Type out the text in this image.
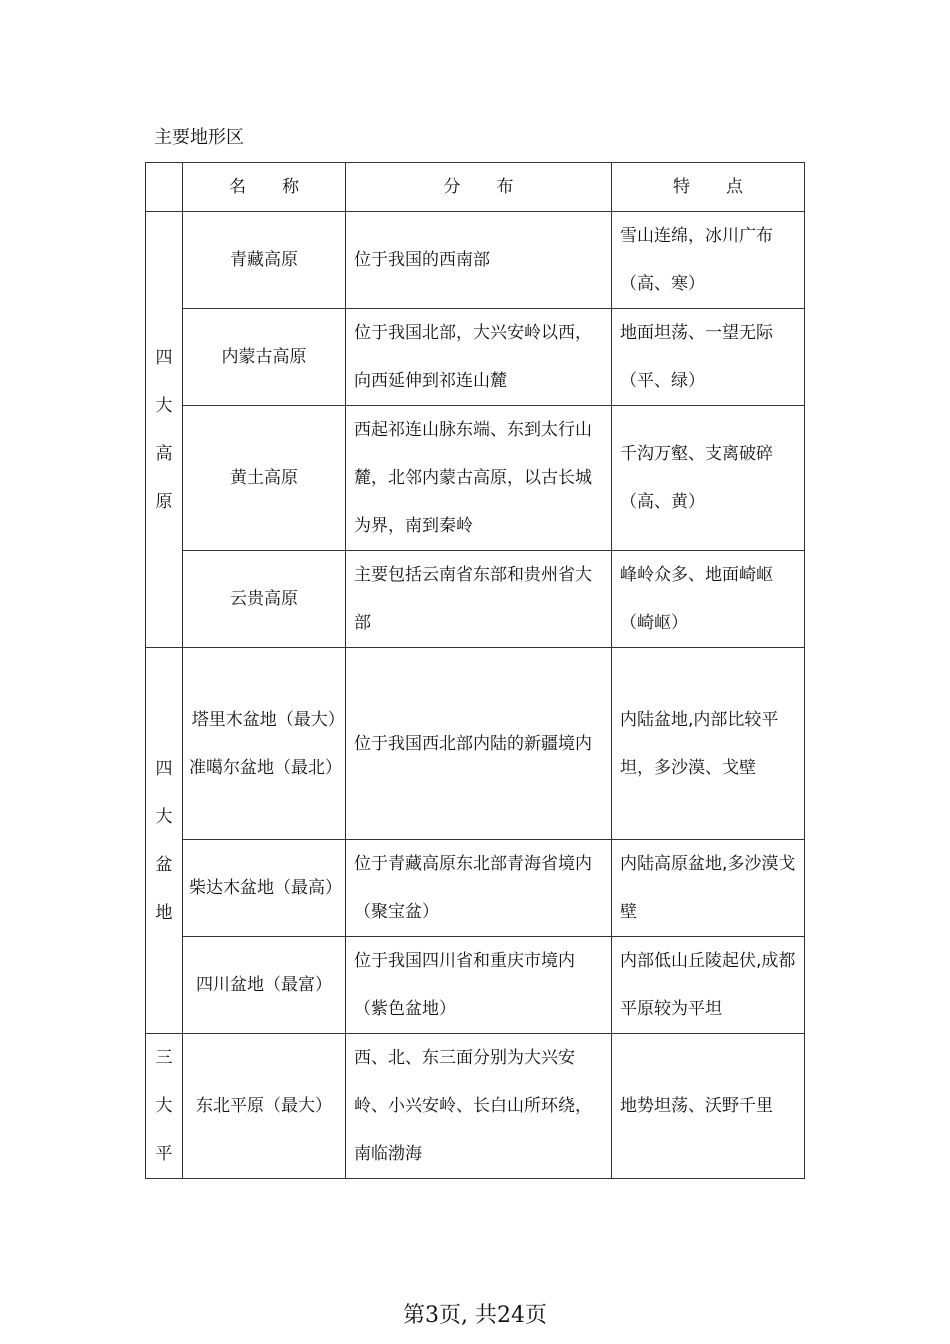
主要地形区
	名 称	分 布	特 点

四
大
高
原	青藏高原	位于我国的西南部	雪山连绵，冰川广布（高、寒）
	内蒙古高原	位于我国北部，大兴安岭以西，向西延伸到祁连山麓	地面坦荡、一望无际（平、绿）
	黄土高原	西起祁连山脉东端、东到太行山麓，北邻内蒙古高原，以古长城为界，南到秦岭	千沟万壑、支离破碎（高、黄）
	云贵高原	主要包括云南省东部和贵州省大部	峰岭众多、地面崎岖（崎岖）

四
大
盆
地	塔里木盆地（最大）准噶尔盆地（最北）	位于我国西北部内陆的新疆境内	内陆盆地,内部比较平坦，多沙漠、戈壁
	柴达木盆地（最高）	位于青藏高原东北部青海省境内（聚宝盆）	内陆高原盆地,多沙漠戈壁
	四川盆地（最富）	位于我国四川省和重庆市境内（紫色盆地）	内部低山丘陵起伏,成都平原较为平坦

三
大
平	东北平原（最大）	西、北、东三面分别为大兴安岭、小兴安岭、长白山所环绕，南临渤海	地势坦荡、沃野千里
第3页, 共24页
